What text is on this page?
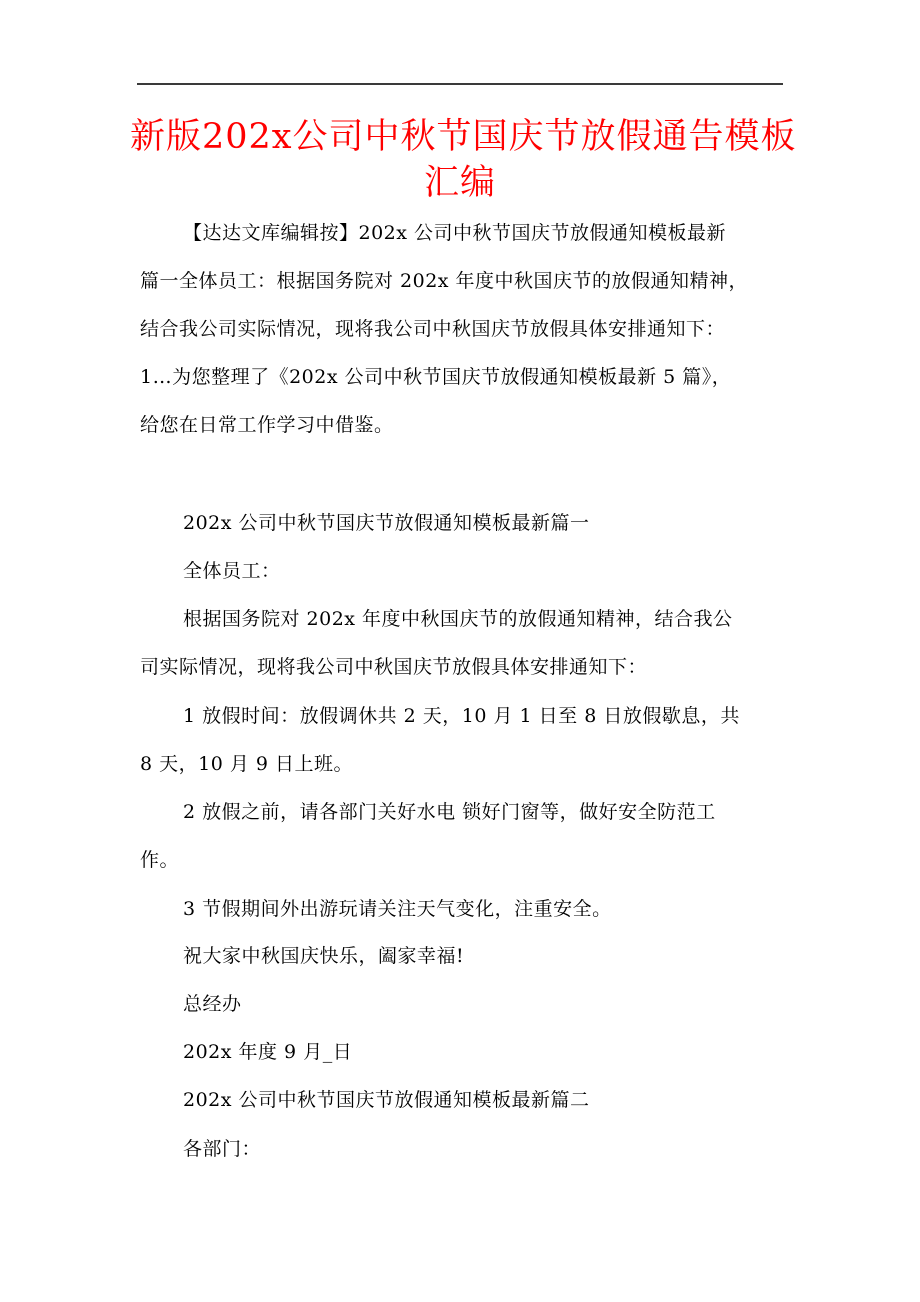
新版202x公司中秋节国庆节放假通告模板
汇编
【达达文库编辑按】202x 公司中秋节国庆节放假通知模板最新
篇一全体员工：根据国务院对 202x 年度中秋国庆节的放假通知精神，
结合我公司实际情况，现将我公司中秋国庆节放假具体安排通知下：
1…为您整理了《202x 公司中秋节国庆节放假通知模板最新 5 篇》，
给您在日常工作学习中借鉴。
202x 公司中秋节国庆节放假通知模板最新篇一
全体员工：
根据国务院对 202x 年度中秋国庆节的放假通知精神，结合我公
司实际情况，现将我公司中秋国庆节放假具体安排通知下：
1 放假时间：放假调休共 2 天，10 月 1 日至 8 日放假歇息，共
8 天，10 月 9 日上班。
2 放假之前，请各部门关好水电 锁好门窗等，做好安全防范工
作。
3 节假期间外出游玩请关注天气变化，注重安全。
祝大家中秋国庆快乐，阖家幸福!
总经办
202x 年度 9 月_日
202x 公司中秋节国庆节放假通知模板最新篇二
各部门：
